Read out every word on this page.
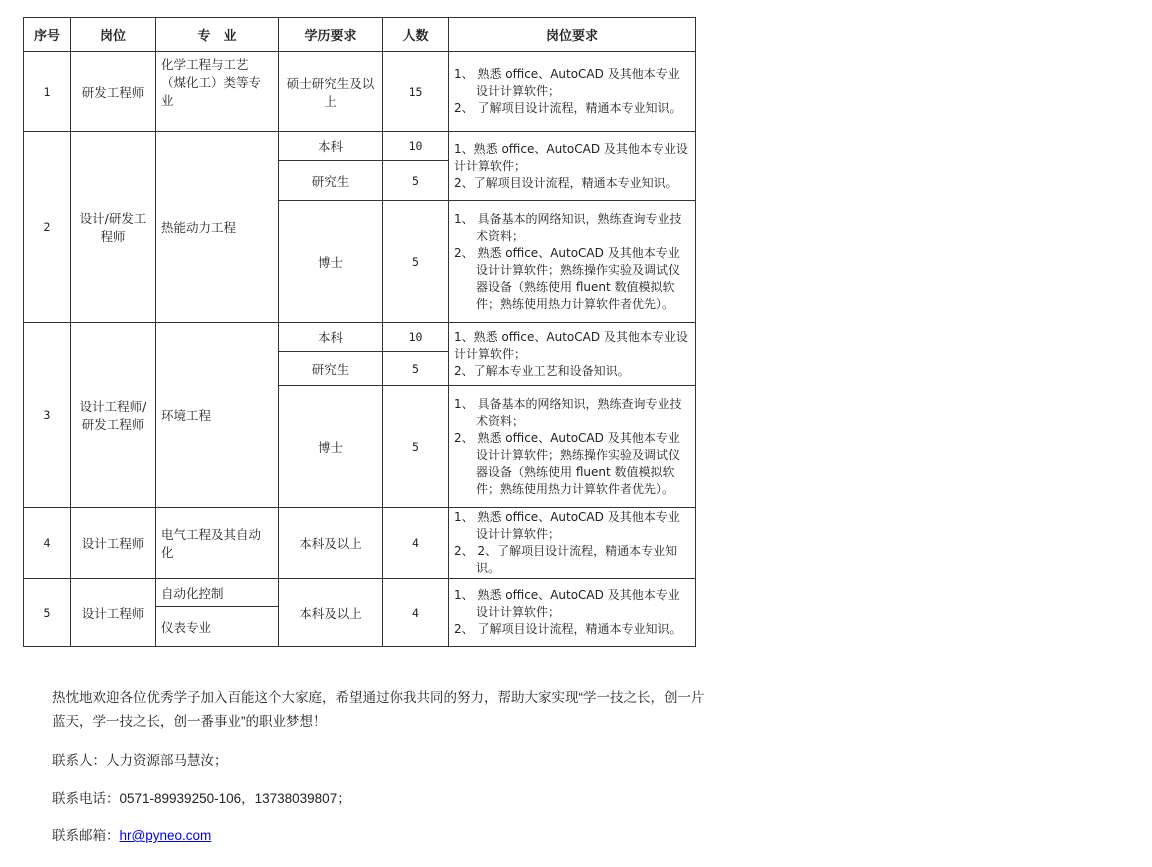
序号	岗位	专　业	学历要求	人数	岗位要求
1	研发工程师	化学工程与工艺（煤化工）类等专业	硕士研究生及以上	15	1、 熟悉 office、AutoCAD 及其他本专业设计计算软件；
2、 了解项目设计流程，精通本专业知识。

2	设计/研发工程师	热能动力工程	本科	10	1、熟悉 office、AutoCAD 及其他本专业设计计算软件；
2、了解项目设计流程，精通本专业知识。

			研究生	5	
			博士	5	1、 具备基本的网络知识，熟练查询专业技术资料；
2、 熟悉 office、AutoCAD 及其他本专业设计计算软件；熟练操作实验及调试仪器设备（熟练使用 fluent 数值模拟软件；熟练使用热力计算软件者优先）。

3	设计工程师/研发工程师	环境工程	本科	10	1、熟悉 office、AutoCAD 及其他本专业设计计算软件；
2、了解本专业工艺和设备知识。

			研究生	5	
			博士	5	1、 具备基本的网络知识，熟练查询专业技术资料；
2、 熟悉 office、AutoCAD 及其他本专业设计计算软件；熟练操作实验及调试仪器设备（熟练使用 fluent 数值模拟软件；熟练使用热力计算软件者优先）。

4	设计工程师	电气工程及其自动化	本科及以上	4	1、 熟悉 office、AutoCAD 及其他本专业设计计算软件；
2、 2、了解项目设计流程，精通本专业知识。

5	设计工程师	自动化控制	本科及以上	4	1、 熟悉 office、AutoCAD 及其他本专业设计计算软件；
2、 了解项目设计流程，精通本专业知识。

		仪表专业			
热忱地欢迎各位优秀学子加入百能这个大家庭，希望通过你我共同的努力，帮助大家实现“学一技之长，创一片蓝天，学一技之长，创一番事业”的职业梦想！
联系人：人力资源部马慧汝；
联系电话：0571-89939250-106，13738039807；
联系邮箱：hr@pyneo.com
